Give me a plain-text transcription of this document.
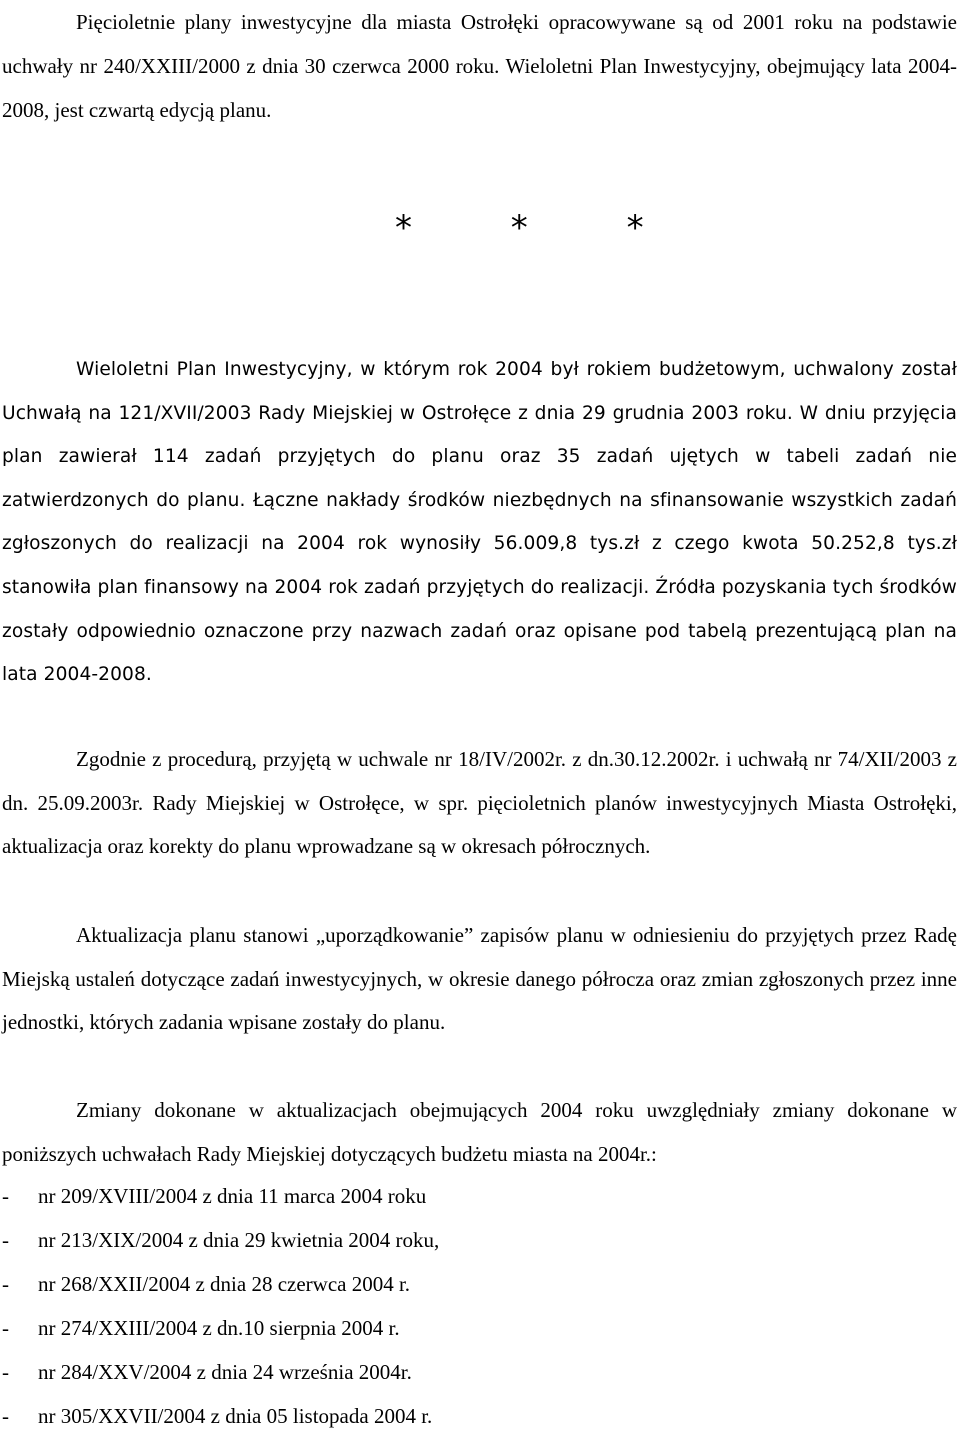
Pięcioletnie plany inwestycyjne dla miasta Ostrołęki opracowywane są od 2001 roku na podstawie uchwały nr 240/XXIII/2000 z dnia 30 czerwca 2000 roku. Wieloletni Plan Inwestycyjny, obejmujący lata 2004-2008, jest czwartą edycją planu.

* * *

Wieloletni Plan Inwestycyjny, w którym rok 2004 był rokiem budżetowym, uchwalony został Uchwałą na 121/XVII/2003 Rady Miejskiej w Ostrołęce z dnia 29 grudnia 2003 roku. W dniu przyjęcia plan zawierał 114 zadań przyjętych do planu oraz 35 zadań ujętych w tabeli zadań nie zatwierdzonych do planu. Łączne nakłady środków niezbędnych na sfinansowanie wszystkich zadań zgłoszonych do realizacji na 2004 rok wynosiły 56.009,8 tys.zł z czego kwota 50.252,8 tys.zł stanowiła plan finansowy na 2004 rok zadań przyjętych do realizacji. Źródła pozyskania tych środków zostały odpowiednio oznaczone przy nazwach zadań oraz opisane pod tabelą prezentującą plan na lata 2004-2008.

Zgodnie z procedurą, przyjętą w uchwale nr 18/IV/2002r. z dn.30.12.2002r. i uchwałą nr 74/XII/2003 z dn. 25.09.2003r. Rady Miejskiej w Ostrołęce, w spr. pięcioletnich planów inwestycyjnych Miasta Ostrołęki, aktualizacja oraz korekty do planu wprowadzane są w okresach półrocznych.

Aktualizacja planu stanowi „uporządkowanie” zapisów planu w odniesieniu do przyjętych przez Radę Miejską ustaleń dotyczące zadań inwestycyjnych, w okresie danego półrocza oraz zmian zgłoszonych przez inne jednostki, których zadania wpisane zostały do planu.

Zmiany dokonane w aktualizacjach obejmujących 2004 roku uwzględniały zmiany dokonane w poniższych uchwałach Rady Miejskiej dotyczących budżetu miasta na 2004r.:

- nr 209/XVIII/2004 z dnia 11 marca 2004 roku
- nr 213/XIX/2004 z dnia 29 kwietnia 2004 roku,
- nr 268/XXII/2004 z dnia 28 czerwca 2004 r.
- nr 274/XXIII/2004 z dn.10 sierpnia 2004 r.
- nr 284/XXV/2004 z dnia 24 września 2004r.
- nr 305/XXVII/2004 z dnia 05 listopada 2004 r.
